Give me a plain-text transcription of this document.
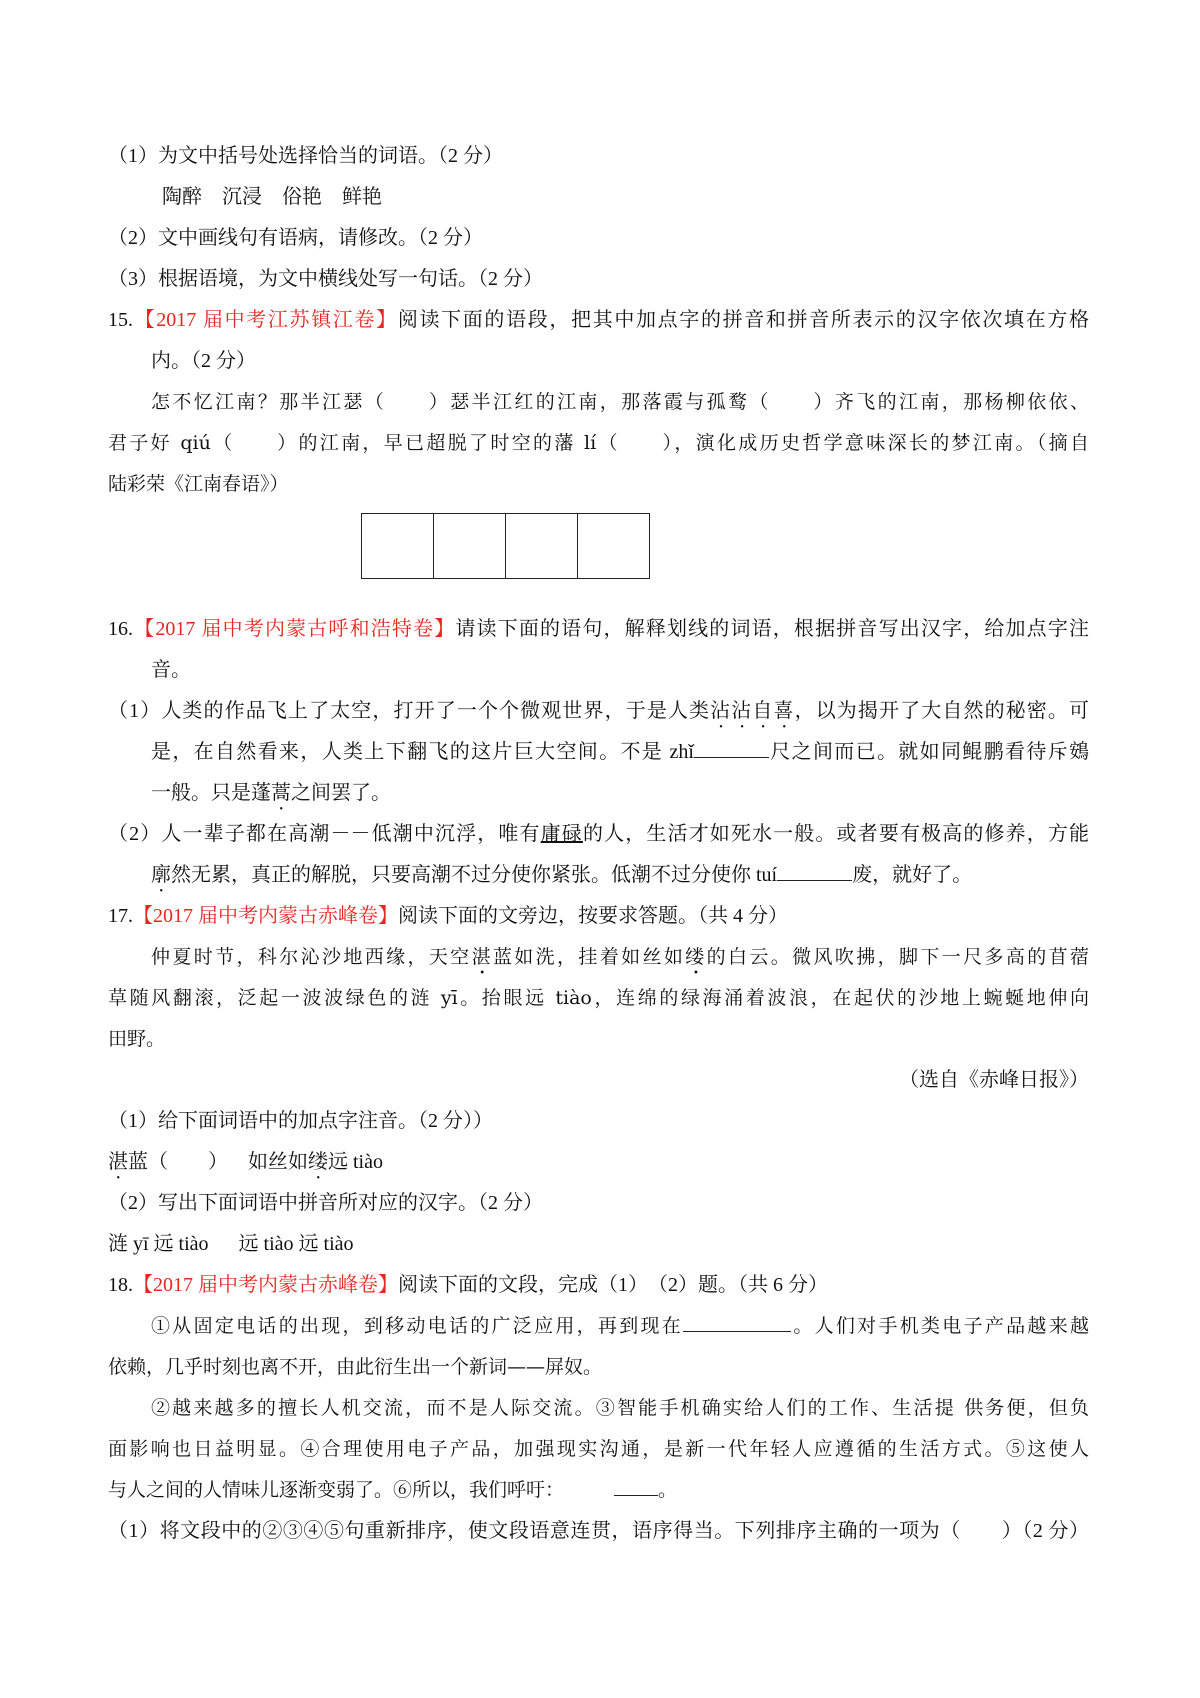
（1）为文中括号处选择恰当的词语。（2 分）
陶醉  沉浸  俗艳  鲜艳
（2）文中画线句有语病，请修改。（2 分）
（3）根据语境，为文中横线处写一句话。（2 分）
15.【2017 届中考江苏镇江卷】阅读下面的语段，把其中加点字的拼音和拼音所表示的汉字依次填在方格
内。（2 分）
怎不忆江南？那半江瑟（　　）瑟半江红的江南，那落霞与孤鹜（　　）齐飞的江南，那杨柳依依、
君子好 qiú（　　）的江南，早已超脱了时空的藩 lí（　　），演化成历史哲学意味深长的梦江南。（摘自
陆彩荣《江南春语》）
16.【2017 届中考内蒙古呼和浩特卷】请读下面的语句，解释划线的词语，根据拼音写出汉字，给加点字注
音。
（1）人类的作品飞上了太空，打开了一个个微观世界，于是人类沾沾自喜，以为揭开了大自然的秘密。可
是，在自然看来，人类上下翻飞的这片巨大空间。不是 zhǐ	尺之间而已。就如同鲲鹏看待斥鴳
一般。只是蓬蒿之间罢了。
（2）人一辈子都在高潮－－低潮中沉浮，唯有庸碌的人，生活才如死水一般。或者要有极高的修养，方能
廓然无累，真正的解脱，只要高潮不过分使你紧张。低潮不过分使你 tuí	废，就好了。
17.【2017 届中考内蒙古赤峰卷】阅读下面的文旁边，按要求答题。（共 4 分）
仲夏时节，科尔沁沙地西缘，天空湛蓝如洗，挂着如丝如缕的白云。微风吹拂，脚下一尺多高的苜蓿
草随风翻滚，泛起一波波绿色的涟 yī。抬眼远 tiào，连绵的绿海涌着波浪，在起伏的沙地上蜿蜒地伸向
田野。
（选自《赤峰日报》）
（1）给下面词语中的加点字注音。（2 分））
湛蓝（　　）  如丝如缕远 tiào
（2）写出下面词语中拼音所对应的汉字。（2 分）
涟 yī 远 tiào   远 tiào 远 tiào
18.【2017 届中考内蒙古赤峰卷】阅读下面的文段，完成（1）　（2）题。（共 6 分）
①从固定电话的出现，到移动电话的广泛应用，再到现在	。人们对手机类电子产品越来越
依赖，几乎时刻也离不开，由此衍生出一个新词——屏奴。
②越来越多的擅长人机交流，而不是人际交流。③智能手机确实给人们的工作、生活提 供务便，但负
面影响也日益明显。④合理使用电子产品，加强现实沟通，是新一代年轻人应遵循的生活方式。⑤这使人
与人之间的人情味儿逐渐变弱了。⑥所以，我们呼吁：	。
（1）将文段中的②③④⑤句重新排序，使文段语意连贯，语序得当。下列排序主确的一项为（　　）（2 分）
